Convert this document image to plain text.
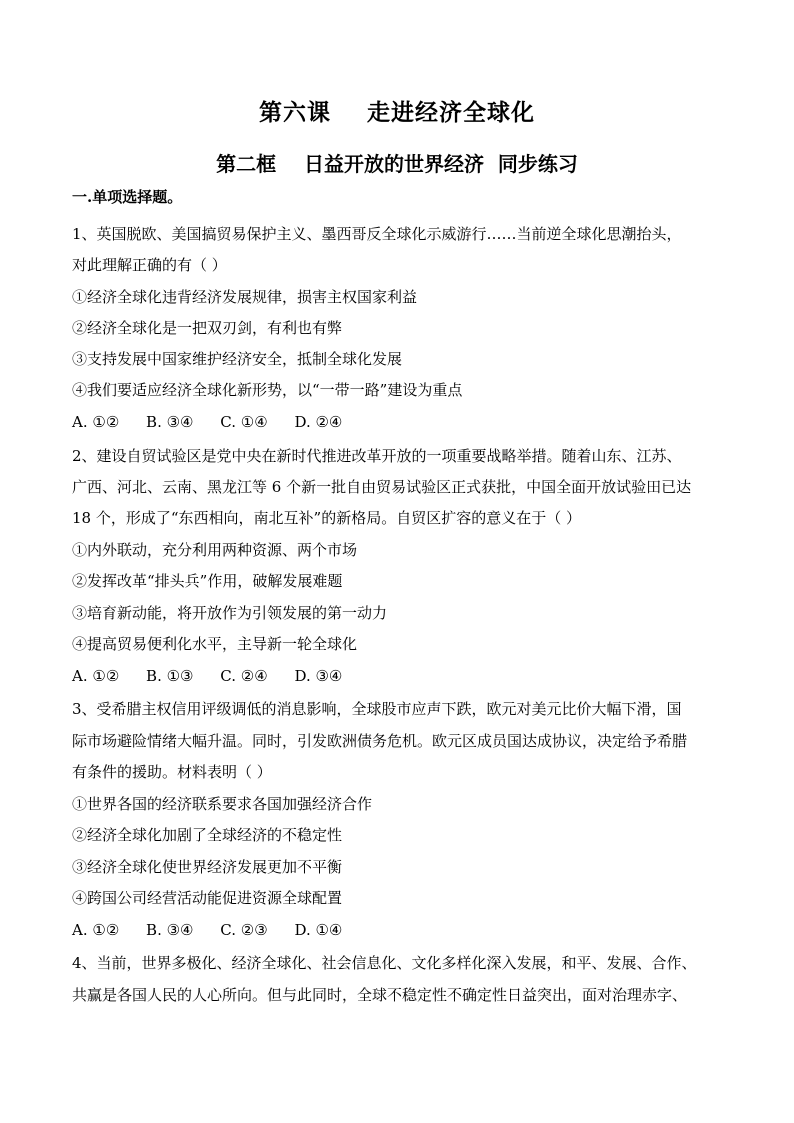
第六课    走进经济全球化
第二框    日益开放的世界经济  同步练习
一.单项选择题。
1、英国脱欧、美国搞贸易保护主义、墨西哥反全球化示威游行……当前逆全球化思潮抬头，
对此理解正确的有（ ）
①经济全球化违背经济发展规律，损害主权国家利益
②经济全球化是一把双刃剑，有利也有弊
③支持发展中国家维护经济安全，抵制全球化发展
④我们要适应经济全球化新形势，以“一带一路”建设为重点
A. ①② B. ③④ C. ①④ D. ②④
2、建设自贸试验区是党中央在新时代推进改革开放的一项重要战略举措。随着山东、江苏、
广西、河北、云南、黑龙江等 6 个新一批自由贸易试验区正式获批，中国全面开放试验田已达
18 个，形成了“东西相向，南北互补”的新格局。自贸区扩容的意义在于（ ）
①内外联动，充分利用两种资源、两个市场
②发挥改革“排头兵”作用，破解发展难题
③培育新动能，将开放作为引领发展的第一动力
④提高贸易便利化水平，主导新一轮全球化
A. ①② B. ①③ C. ②④ D. ③④
3、受希腊主权信用评级调低的消息影响，全球股市应声下跌，欧元对美元比价大幅下滑，国
际市场避险情绪大幅升温。同时，引发欧洲债务危机。欧元区成员国达成协议，决定给予希腊
有条件的援助。材料表明（ ）
①世界各国的经济联系要求各国加强经济合作
②经济全球化加剧了全球经济的不稳定性
③经济全球化使世界经济发展更加不平衡
④跨国公司经营活动能促进资源全球配置
A. ①② B. ③④ C. ②③ D. ①④
4、当前，世界多极化、经济全球化、社会信息化、文化多样化深入发展，和平、发展、合作、
共赢是各国人民的人心所向。但与此同时，全球不稳定性不确定性日益突出，面对治理赤字、
